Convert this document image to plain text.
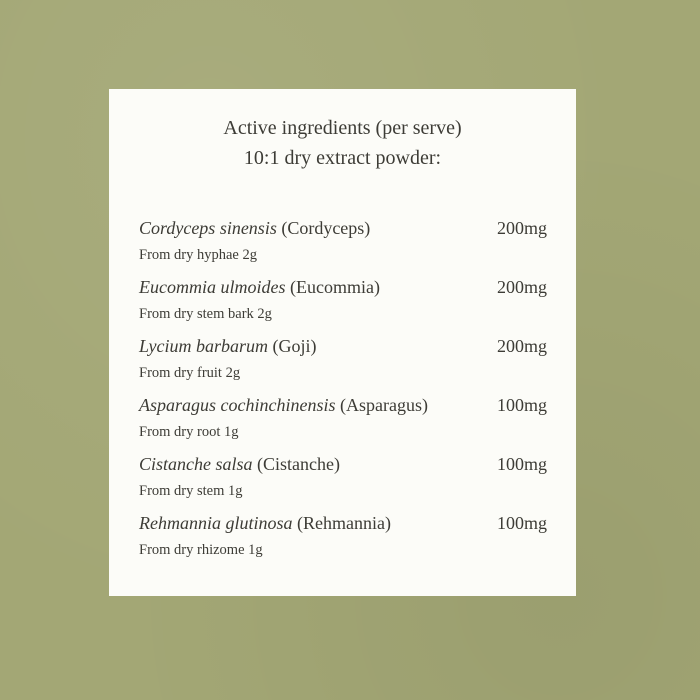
Active ingredients (per serve)
10:1 dry extract powder:
Cordyceps sinensis (Cordyceps)	200mg
From dry hyphae 2g
Eucommia ulmoides (Eucommia)	200mg
From dry stem bark 2g
Lycium barbarum (Goji)	200mg
From dry fruit 2g
Asparagus cochinchinensis (Asparagus)	100mg
From dry root 1g
Cistanche salsa (Cistanche)	100mg
From dry stem 1g
Rehmannia glutinosa (Rehmannia)	100mg
From dry rhizome 1g
